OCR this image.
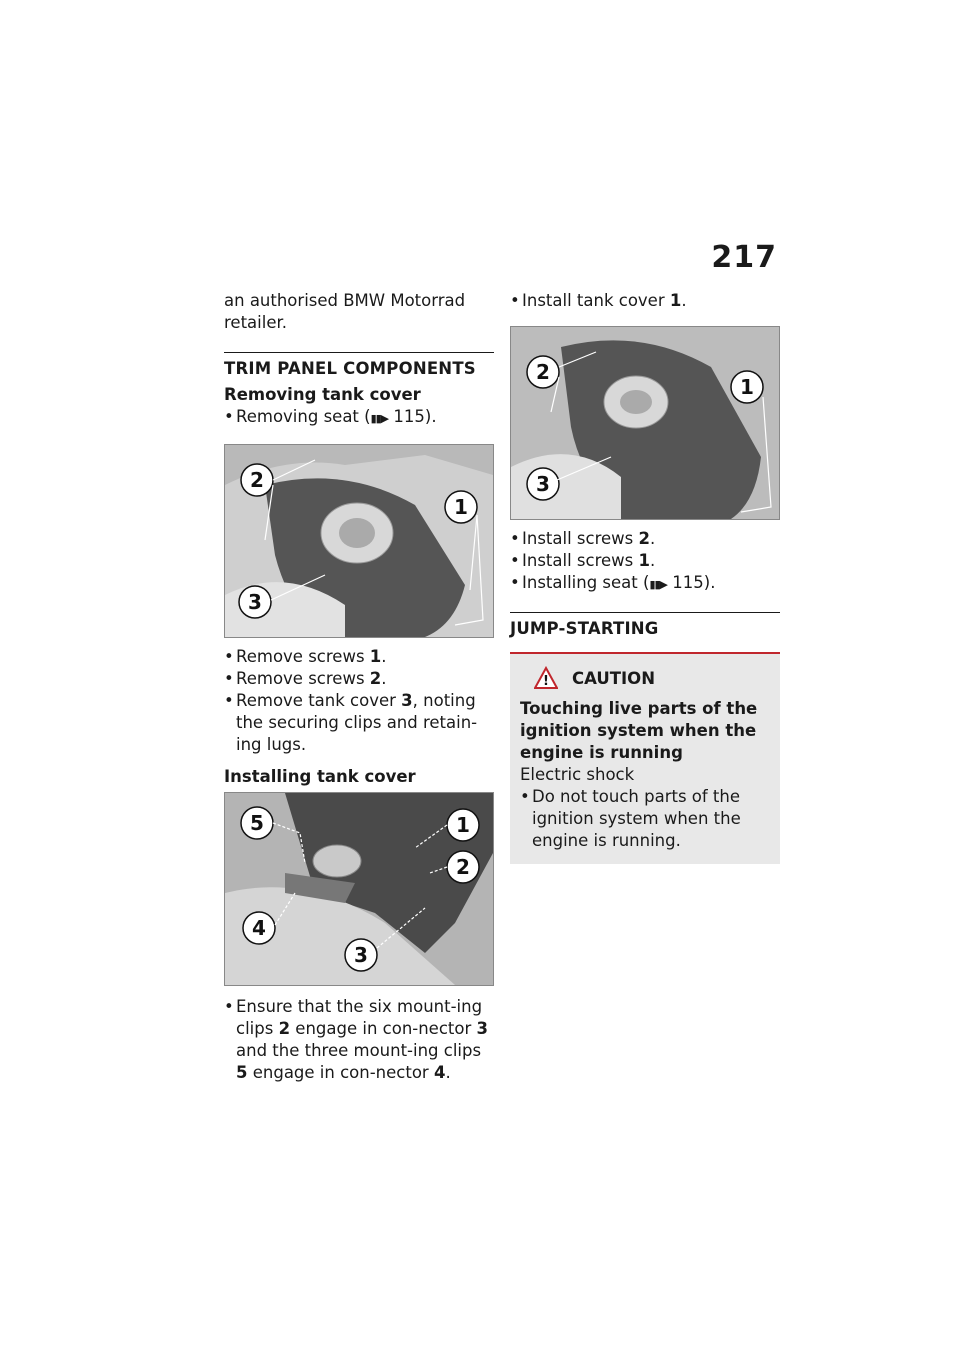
217

an authorised BMW Motorrad retailer.

TRIM PANEL COMPONENTS
Removing tank cover
• Removing seat (▮▮▶ 115).
2
1
3
• Remove screws 1.
• Remove screws 2.
• Remove tank cover 3, noting the securing clips and retain-ing lugs.
Installing tank cover
5	1
2
4
3
• Ensure that the six mount-ing clips 2 engage in con-nector 3 and the three mount-ing clips 5 engage in con-nector 4.
• Install tank cover 1.
2
1
3
• Install screws 2.
• Install screws 1.
• Installing seat (▮▮▶ 115).
JUMP-STARTING
! CAUTION
Touching live parts of the ignition system when the engine is running

Electric shock

• Do not touch parts of the ignition system when the engine is running.
